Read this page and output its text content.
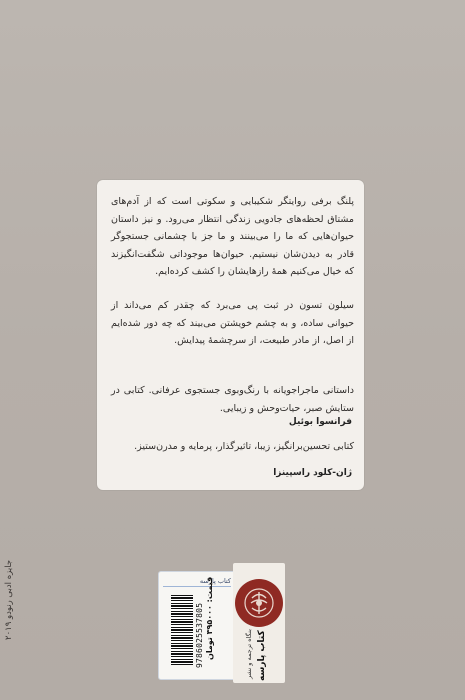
پلنگ برفی روایتگر شکیبایی و سکوتی است که از آدم‌های مشتاق لحظه‌های جادویی زندگی انتظار می‌رود. و نیز داستان حیوان‌هایی که ما را می‌بینند و ما جز با چشمانی جستجوگر قادر به دیدن‌شان نیستیم. حیوان‌ها موجوداتی شگفت‌انگیزند که خیال می‌کنیم همهٔ رازهایشان را کشف کرده‌ایم.
سیلون تسون در ثبت پی می‌برد که چقدر کم می‌داند از حیوانی ساده، و به چشم خویشتن می‌بیند که چه دور شده‌ایم از اصل، از مادر طبیعت، از سرچشمهٔ پیدایش.
داستانی ماجراجویانه با رنگ‌وبوی جستجوی عرفانی. کتابی در ستایش صبر، حیات‌وحش و زیبایی.
فرانسوا بوئیل
کتابی تحسین‌برانگیز، زیبا، تاثیرگذار، پرمایه و مدرن‌ستیز.
ژان-کلود راسپینزا
جایزه ادبی رنودو ۲۰۱۹	کتاب پارسه
9786025537805 قیمت: ۳۹۵۰۰۰ تومان
کتاب پارسه
بنگاه ترجمه و نشر
